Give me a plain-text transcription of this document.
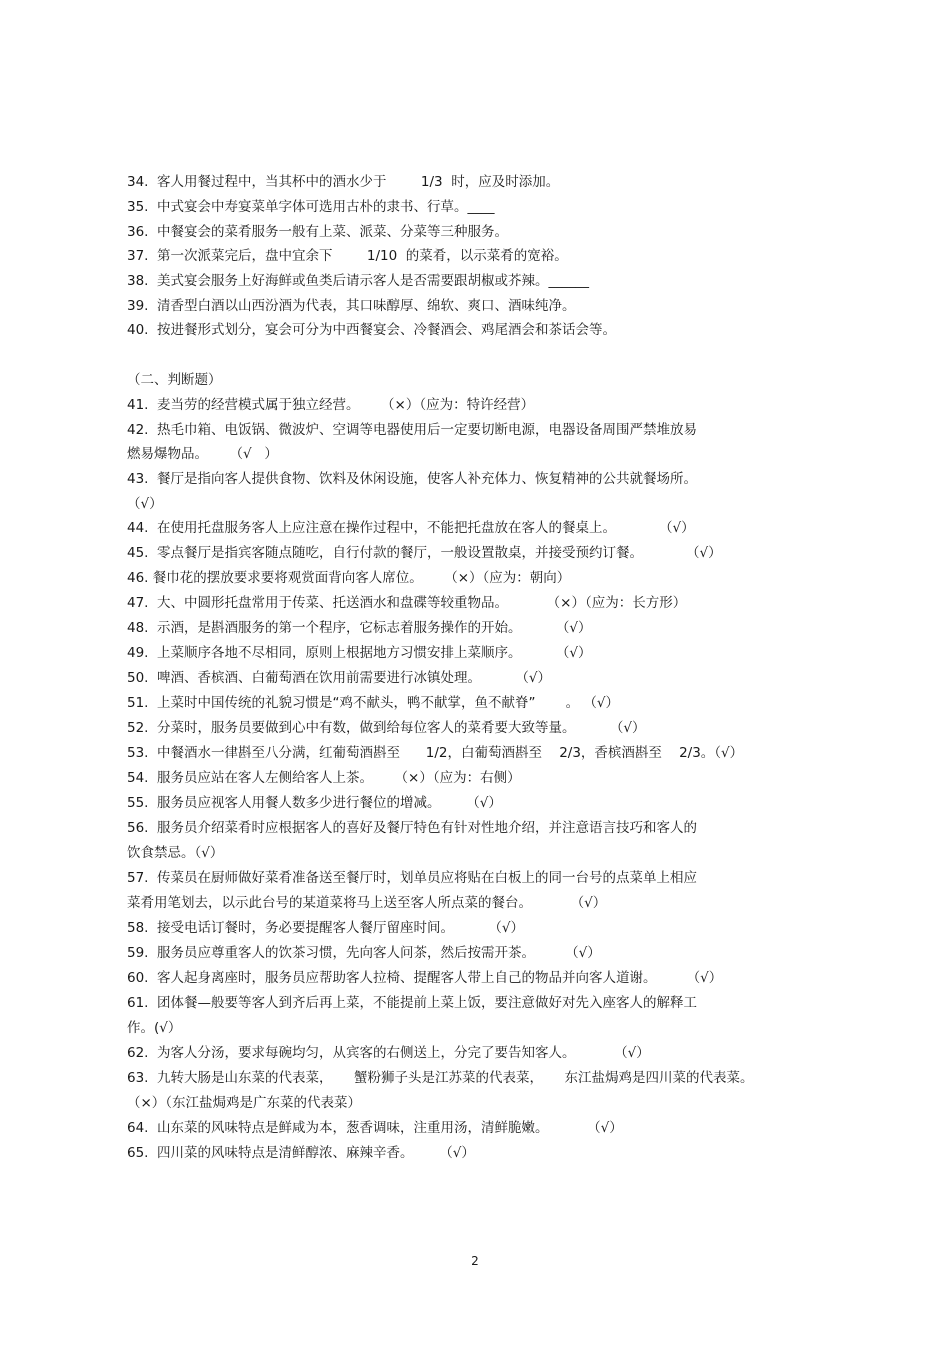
34.  客人用餐过程中，当其杯中的酒水少于        1/3  时，应及时添加。
35.  中式宴会中寿宴菜单字体可选用古朴的隶书、行草。____
36.  中餐宴会的菜肴服务一般有上菜、派菜、分菜等三种服务。
37.  第一次派菜完后，盘中宜余下        1/10  的菜肴，以示菜肴的宽裕。
38.  美式宴会服务上好海鲜或鱼类后请示客人是否需要跟胡椒或芥辣。______
39.  清香型白酒以山西汾酒为代表，其口味醇厚、绵软、爽口、酒味纯净。
40.  按进餐形式划分，宴会可分为中西餐宴会、冷餐酒会、鸡尾酒会和茶话会等。
（二、判断题）
41.  麦当劳的经营模式属于独立经营。     （×）（应为：特许经营）
42.  热毛巾箱、电饭锅、微波炉、空调等电器使用后一定要切断电源，电器设备周围严禁堆放易
燃易爆物品。     （√   ）
43.  餐厅是指向客人提供食物、饮料及休闲设施，使客人补充体力、恢复精神的公共就餐场所。
（√）
44.  在使用托盘服务客人上应注意在操作过程中，不能把托盘放在客人的餐桌上。          （√）
45.  零点餐厅是指宾客随点随吃，自行付款的餐厅，一般设置散桌，并接受预约订餐。          （√）
46. 餐巾花的摆放要求要将观赏面背向客人席位。     （×）（应为：朝向）
47.  大、中圆形托盘常用于传菜、托送酒水和盘碟等较重物品。         （×）（应为：长方形）
48.  示酒，是斟酒服务的第一个程序，它标志着服务操作的开始。        （√）
49.  上菜顺序各地不尽相同，原则上根据地方习惯安排上菜顺序。        （√）
50.  啤酒、香槟酒、白葡萄酒在饮用前需要进行冰镇处理。        （√）
51.  上菜时中国传统的礼貌习惯是“鸡不献头，鸭不献掌，鱼不献脊”       。 （√）
52.  分菜时，服务员要做到心中有数，做到给每位客人的菜肴要大致等量。        （√）
53.  中餐酒水一律斟至八分满，红葡萄酒斟至      1/2，白葡萄酒斟至    2/3，香槟酒斟至    2/3。（√）
54.  服务员应站在客人左侧给客人上茶。     （×）（应为：右侧）
55.  服务员应视客人用餐人数多少进行餐位的增减。      （√）
56.  服务员介绍菜肴时应根据客人的喜好及餐厅特色有针对性地介绍，并注意语言技巧和客人的
饮食禁忌。（√）
57.  传菜员在厨师做好菜肴准备送至餐厅时，划单员应将贴在白板上的同一台号的点菜单上相应
菜肴用笔划去，以示此台号的某道菜将马上送至客人所点菜的餐台。         （√）
58.  接受电话订餐时，务必要提醒客人餐厅留座时间。        （√）
59.  服务员应尊重客人的饮茶习惯，先向客人问茶，然后按需开茶。       （√）
60.  客人起身离座时，服务员应帮助客人拉椅、提醒客人带上自己的物品并向客人道谢。       （√）
61.  团体餐—般要等客人到齐后再上菜，不能提前上菜上饭，要注意做好对先入座客人的解释工
作。(√）
62.  为客人分汤，要求每碗均匀，从宾客的右侧送上，分完了要告知客人。         （√）
63.  九转大肠是山东菜的代表菜，     蟹粉狮子头是江苏菜的代表菜，     东江盐焗鸡是四川菜的代表菜。
（×）（东江盐焗鸡是广东菜的代表菜）
64.  山东菜的风味特点是鲜咸为本，葱香调味，注重用汤，清鲜脆嫩。         （√）
65.  四川菜的风味特点是清鲜醇浓、麻辣辛香。      （√）
2
